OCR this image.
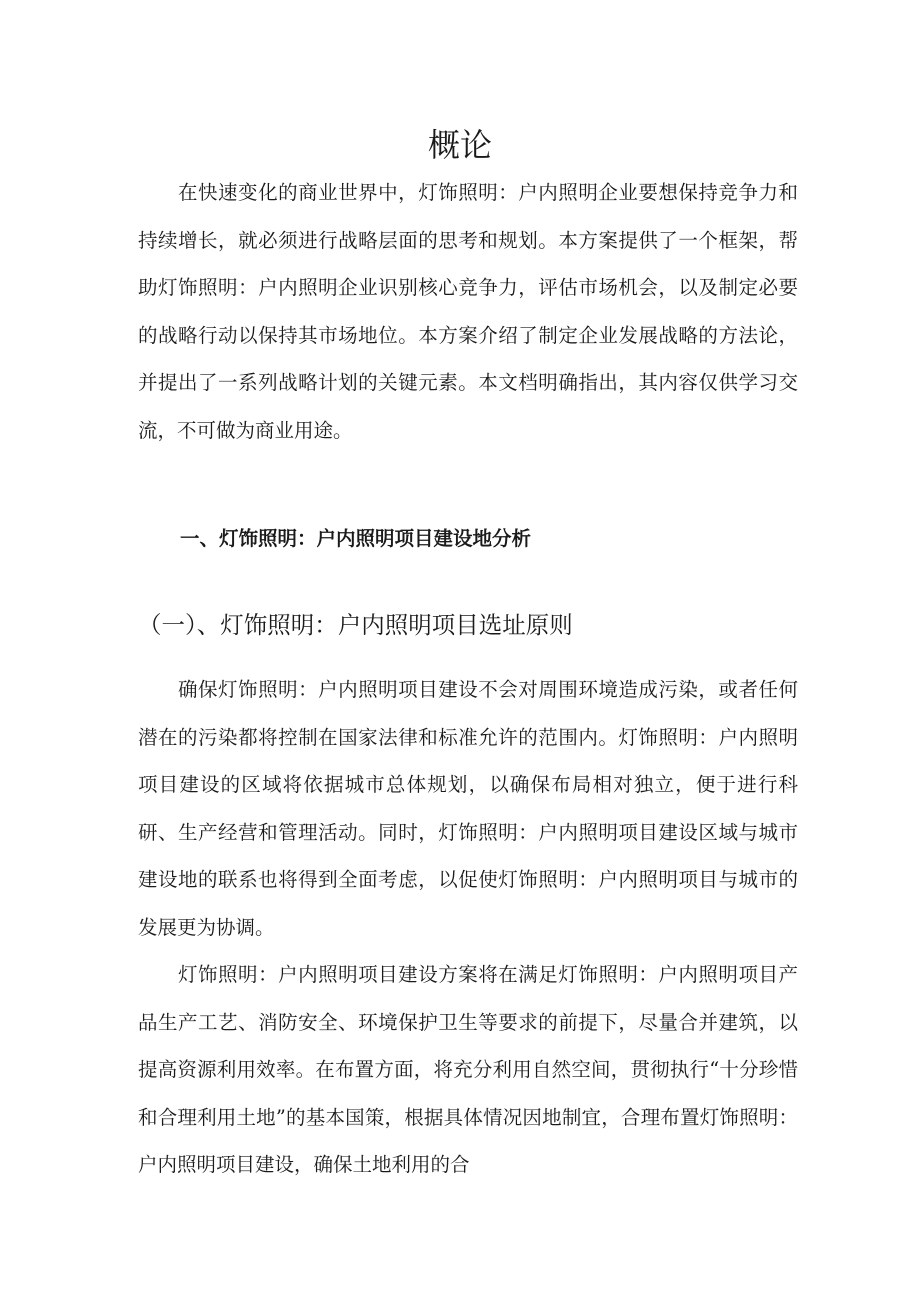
概论

在快速变化的商业世界中，灯饰照明：户内照明企业要想保持竞争力和持续增长，就必须进行战略层面的思考和规划。本方案提供了一个框架，帮助灯饰照明：户内照明企业识别核心竞争力，评估市场机会，以及制定必要的战略行动以保持其市场地位。本方案介绍了制定企业发展战略的方法论，并提出了一系列战略计划的关键元素。本文档明确指出，其内容仅供学习交流，不可做为商业用途。

一、灯饰照明：户内照明项目建设地分析
（一）、灯饰照明：户内照明项目选址原则

确保灯饰照明：户内照明项目建设不会对周围环境造成污染，或者任何潜在的污染都将控制在国家法律和标准允许的范围内。灯饰照明：户内照明项目建设的区域将依据城市总体规划，以确保布局相对独立，便于进行科研、生产经营和管理活动。同时，灯饰照明：户内照明项目建设区域与城市建设地的联系也将得到全面考虑，以促使灯饰照明：户内照明项目与城市的发展更为协调。

灯饰照明：户内照明项目建设方案将在满足灯饰照明：户内照明项目产品生产工艺、消防安全、环境保护卫生等要求的前提下，尽量合并建筑，以提高资源利用效率。在布置方面，将充分利用自然空间，贯彻执行“十分珍惜和合理利用土地”的基本国策，根据具体情况因地制宜，合理布置灯饰照明：户内照明项目建设，确保土地利用的合
